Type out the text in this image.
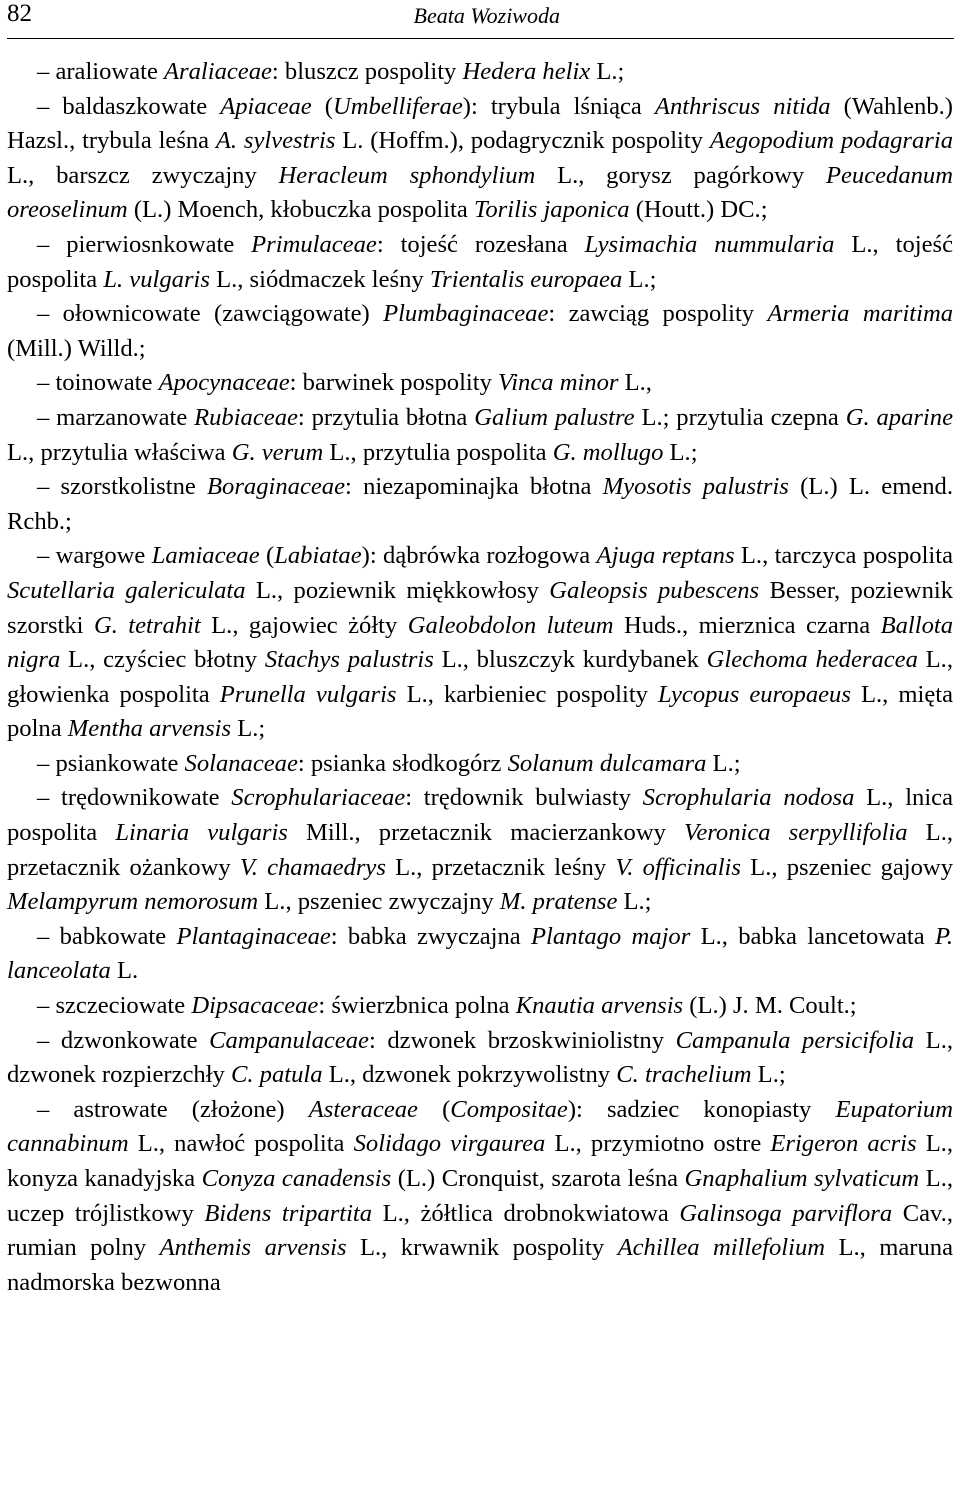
82	Beata Woziwoda

– araliowate Araliaceae: bluszcz pospolity Hedera helix L.;

– baldaszkowate Apiaceae (Umbelliferae): trybula lśniąca Anthriscus nitida (Wahlenb.) Hazsl., trybula leśna A. sylvestris L. (Hoffm.), podagrycznik pospolity Aegopodium podagraria L., barszcz zwyczajny Heracleum sphondylium L., gorysz pagórkowy Peucedanum oreoselinum (L.) Moench, kłobuczka pospolita Torilis japonica (Houtt.) DC.;

– pierwiosnkowate Primulaceae: tojeść rozesłana Lysimachia nummularia L., tojeść pospolita L. vulgaris L., siódmaczek leśny Trientalis europaea L.;

– ołownicowate (zawciągowate) Plumbaginaceae: zawciąg pospolity Armeria maritima (Mill.) Willd.;

– toinowate Apocynaceae: barwinek pospolity Vinca minor L.,

– marzanowate Rubiaceae: przytulia błotna Galium palustre L.; przytulia czepna G. aparine L., przytulia właściwa G. verum L., przytulia pospolita G. mollugo L.;

– szorstkolistne Boraginaceae: niezapominajka błotna Myosotis palustris (L.) L. emend. Rchb.;

– wargowe Lamiaceae (Labiatae): dąbrówka rozłogowa Ajuga reptans L., tarczyca pospolita Scutellaria galericulata L., poziewnik miękkowłosy Galeopsis pubescens Besser, poziewnik szorstki G. tetrahit L., gajowiec żółty Galeobdolon luteum Huds., mierznica czarna Ballota nigra L., czyściec błotny Stachys palustris L., bluszczyk kurdybanek Glechoma hederacea L., głowienka pospolita Prunella vulgaris L., karbieniec pospolity Lycopus europaeus L., mięta polna Mentha arvensis L.;

– psiankowate Solanaceae: psianka słodkogórz Solanum dulcamara L.;

– trędownikowate Scrophulariaceae: trędownik bulwiasty Scrophularia nodosa L., lnica pospolita Linaria vulgaris Mill., przetacznik macierzankowy Veronica serpyllifolia L., przetacznik ożankowy V. chamaedrys L., przetacznik leśny V. officinalis L., pszeniec gajowy Melampyrum nemorosum L., pszeniec zwyczajny M. pratense L.;

– babkowate Plantaginaceae: babka zwyczajna Plantago major L., babka lancetowata P. lanceolata L.

– szczeciowate Dipsacaceae: świerzbnica polna Knautia arvensis (L.) J. M. Coult.;

– dzwonkowate Campanulaceae: dzwonek brzoskwiniolistny Campanula persicifolia L., dzwonek rozpierzchły C. patula L., dzwonek pokrzywolistny C. trachelium L.;

– astrowate (złożone) Asteraceae (Compositae): sadziec konopiasty Eupatorium cannabinum L., nawłoć pospolita Solidago virgaurea L., przymiotno ostre Erigeron acris L., konyza kanadyjska Conyza canadensis (L.) Cronquist, szarota leśna Gnaphalium sylvaticum L., uczep trójlistkowy Bidens tripartita L., żółtlica drobnokwiatowa Galinsoga parviflora Cav., rumian polny Anthemis arvensis L., krwawnik pospolity Achillea millefolium L., maruna nadmorska bezwonna
